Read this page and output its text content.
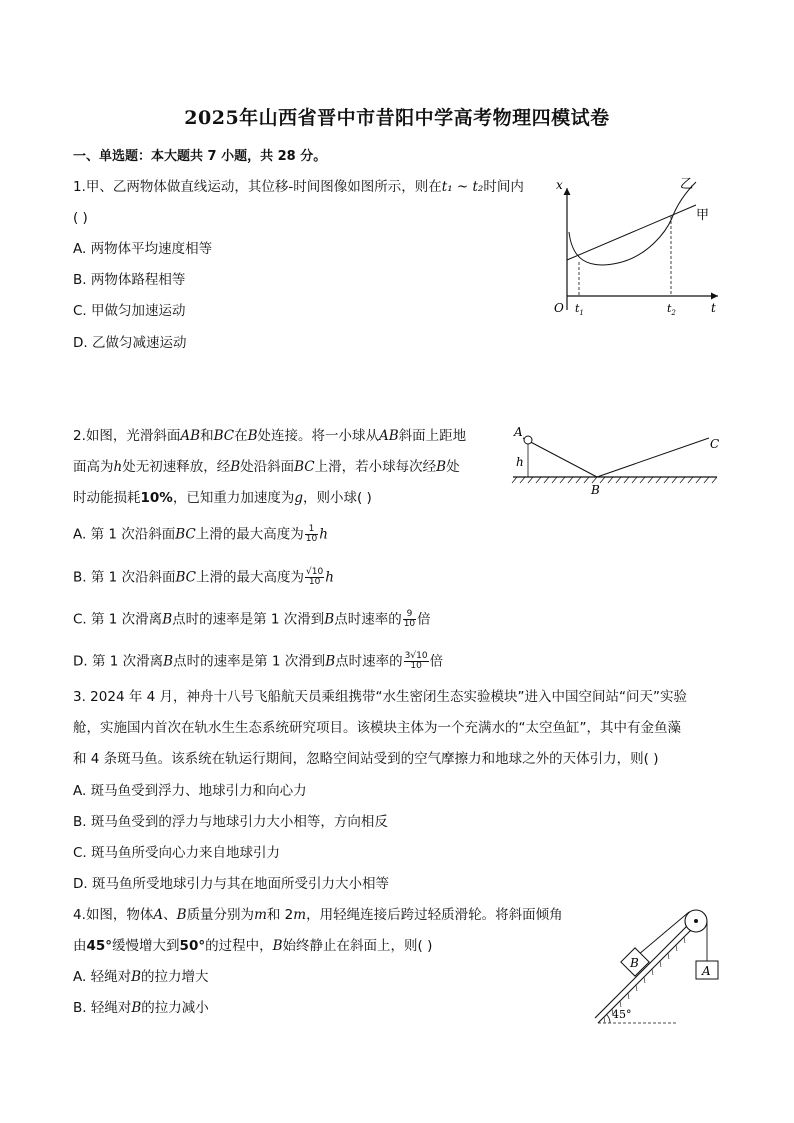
2025年山西省晋中市昔阳中学高考物理四模试卷
一、单选题：本大题共 7 小题，共 28 分。
1.甲、乙两物体做直线运动，其位移-时间图像如图所示，则在t₁ ~ t₂时间内
( )
A. 两物体平均速度相等
B. 两物体路程相等
C. 甲做匀加速运动
D. 乙做匀减速运动
x
t
O $t_1$	$t_2$
乙
甲
2.如图，光滑斜面AB和BC在B处连接。将一小球从AB斜面上距地
面高为h处无初速释放，经B处沿斜面BC上滑，若小球每次经B处
时动能损耗10%，已知重力加速度为g，则小球( )
A. 第 1 次沿斜面BC上滑的最大高度为 $\frac{1}{10}$ h
B. 第 1 次沿斜面BC上滑的最大高度为 $\frac{√10}{10}$ h
C. 第 1 次滑离B点时的速率是第 1 次滑到B点时速率的 $\frac{9}{10}$ 倍
D. 第 1 次滑离B点时的速率是第 1 次滑到B点时速率的 $\frac{3√10}{10}$ 倍
A
h
B
C
3. 2024 年 4 月，神舟十八号飞船航天员乘组携带“水生密闭生态实验模块”进入中国空间站“问天”实验
舱，实施国内首次在轨水生生态系统研究项目。该模块主体为一个充满水的“太空鱼缸”，其中有金鱼藻
和 4 条斑马鱼。该系统在轨运行期间，忽略空间站受到的空气摩擦力和地球之外的天体引力，则( )
A. 斑马鱼受到浮力、地球引力和向心力
B. 斑马鱼受到的浮力与地球引力大小相等，方向相反
C. 斑马鱼所受向心力来自地球引力
D. 斑马鱼所受地球引力与其在地面所受引力大小相等
4.如图，物体A、B质量分别为m和 2m，用轻绳连接后跨过轻质滑轮。将斜面倾角
由45°缓慢增大到50°的过程中，B始终静止在斜面上，则( )
A. 轻绳对B的拉力增大
B. 轻绳对B的拉力减小
B
A
45°
